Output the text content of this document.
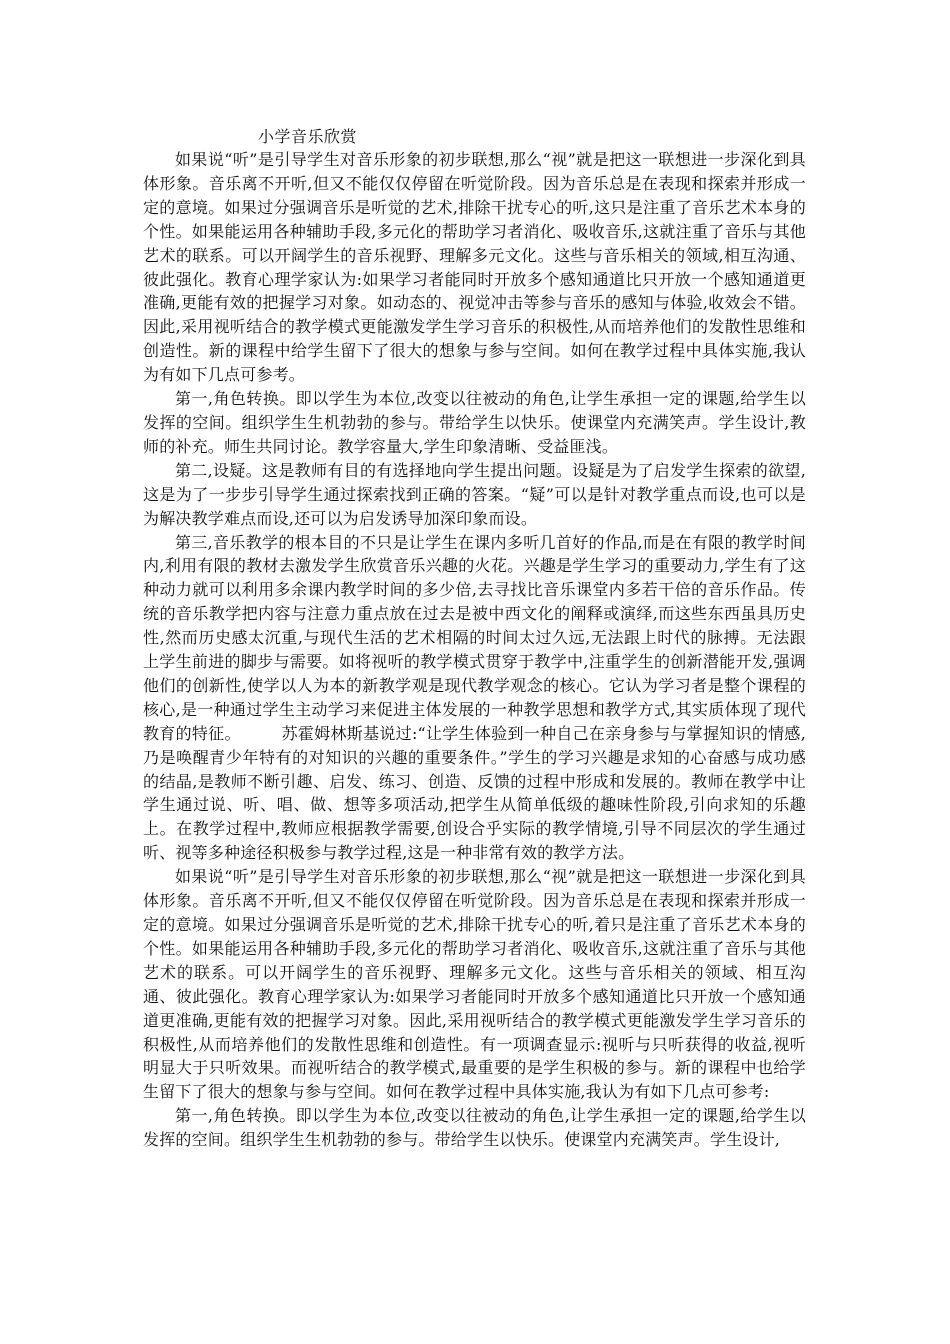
小学音乐欣赏

如果说“听”是引导学生对音乐形象的初步联想,那么“视”就是把这一联想进一步深化到具体形象。音乐离不开听,但又不能仅仅停留在听觉阶段。因为音乐总是在表现和探索并形成一定的意境。如果过分强调音乐是听觉的艺术,排除干扰专心的听,这只是注重了音乐艺术本身的个性。如果能运用各种辅助手段,多元化的帮助学习者消化、吸收音乐,这就注重了音乐与其他艺术的联系。可以开阔学生的音乐视野、理解多元文化。这些与音乐相关的领域,相互沟通、彼此强化。教育心理学家认为:如果学习者能同时开放多个感知通道比只开放一个感知通道更准确,更能有效的把握学习对象。如动态的、视觉冲击等参与音乐的感知与体验,收效会不错。因此,采用视听结合的教学模式更能激发学生学习音乐的积极性,从而培养他们的发散性思维和创造性。新的课程中给学生留下了很大的想象与参与空间。如何在教学过程中具体实施,我认为有如下几点可参考。

第一,角色转换。即以学生为本位,改变以往被动的角色,让学生承担一定的课题,给学生以发挥的空间。组织学生生机勃勃的参与。带给学生以快乐。使课堂内充满笑声。学生设计,教师的补充。师生共同讨论。教学容量大,学生印象清晰、受益匪浅。

第二,设疑。这是教师有目的有选择地向学生提出问题。设疑是为了启发学生探索的欲望,这是为了一步步引导学生通过探索找到正确的答案。“疑”可以是针对教学重点而设,也可以是为解决教学难点而设,还可以为启发诱导加深印象而设。

第三,音乐教学的根本目的不只是让学生在课内多听几首好的作品,而是在有限的教学时间内,利用有限的教材去激发学生欣赏音乐兴趣的火花。兴趣是学生学习的重要动力,学生有了这种动力就可以利用多余课内教学时间的多少倍,去寻找比音乐课堂内多若干倍的音乐作品。传统的音乐教学把内容与注意力重点放在过去是被中西文化的阐释或演绎,而这些东西虽具历史性,然而历史感太沉重,与现代生活的艺术相隔的时间太过久远,无法跟上时代的脉搏。无法跟上学生前进的脚步与需要。如将视听的教学模式贯穿于教学中,注重学生的创新潜能开发,强调他们的创新性,使学以人为本的新教学观是现代教学观念的核心。它认为学习者是整个课程的核心,是一种通过学生主动学习来促进主体发展的一种教学思想和教学方式,其实质体现了现代教育的特征。　　　苏霍姆林斯基说过:“让学生体验到一种自己在亲身参与与掌握知识的情感,乃是唤醒青少年特有的对知识的兴趣的重要条件。”学生的学习兴趣是求知的心奋感与成功感的结晶,是教师不断引趣、启发、练习、创造、反馈的过程中形成和发展的。教师在教学中让学生通过说、听、唱、做、想等多项活动,把学生从简单低级的趣味性阶段,引向求知的乐趣上。在教学过程中,教师应根据教学需要,创设合乎实际的教学情境,引导不同层次的学生通过听、视等多种途径积极参与教学过程,这是一种非常有效的教学方法。

如果说“听”是引导学生对音乐形象的初步联想,那么“视”就是把这一联想进一步深化到具体形象。音乐离不开听,但又不能仅仅停留在听觉阶段。因为音乐总是在表现和探索并形成一定的意境。如果过分强调音乐是听觉的艺术,排除干扰专心的听,着只是注重了音乐艺术本身的个性。如果能运用各种辅助手段,多元化的帮助学习者消化、吸收音乐,这就注重了音乐与其他艺术的联系。可以开阔学生的音乐视野、理解多元文化。这些与音乐相关的领域、相互沟通、彼此强化。教育心理学家认为:如果学习者能同时开放多个感知通道比只开放一个感知通道更准确,更能有效的把握学习对象。因此,采用视听结合的教学模式更能激发学生学习音乐的积极性,从而培养他们的发散性思维和创造性。有一项调查显示:视听与只听获得的收益,视听明显大于只听效果。而视听结合的教学模式,最重要的是学生积极的参与。新的课程中也给学生留下了很大的想象与参与空间。如何在教学过程中具体实施,我认为有如下几点可参考:

第一,角色转换。即以学生为本位,改变以往被动的角色,让学生承担一定的课题,给学生以发挥的空间。组织学生生机勃勃的参与。带给学生以快乐。使课堂内充满笑声。学生设计,
